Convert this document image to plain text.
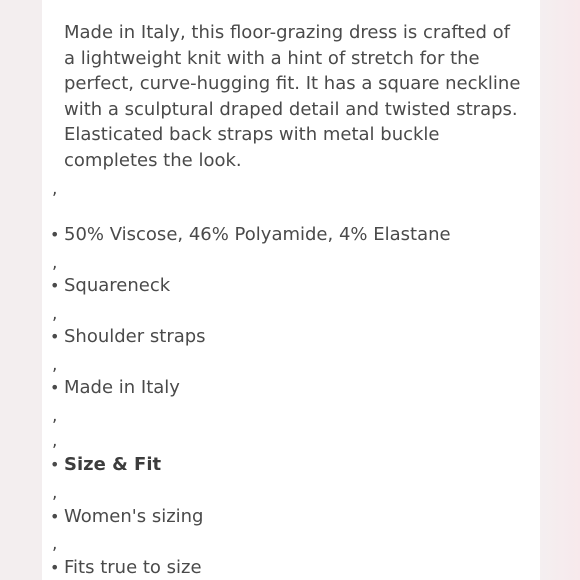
Made in Italy, this floor-grazing dress is crafted of a lightweight knit with a hint of stretch for the perfect, curve-hugging fit. It has a square neckline with a sculptural draped detail and twisted straps. Elasticated back straps with metal buckle completes the look.

,
• 50% Viscose, 46% Polyamide, 4% Elastane
,
• Squareneck
,
• Shoulder straps
,
• Made in Italy
,
,
• Size & Fit
,
• Women's sizing
,
• Fits true to size
